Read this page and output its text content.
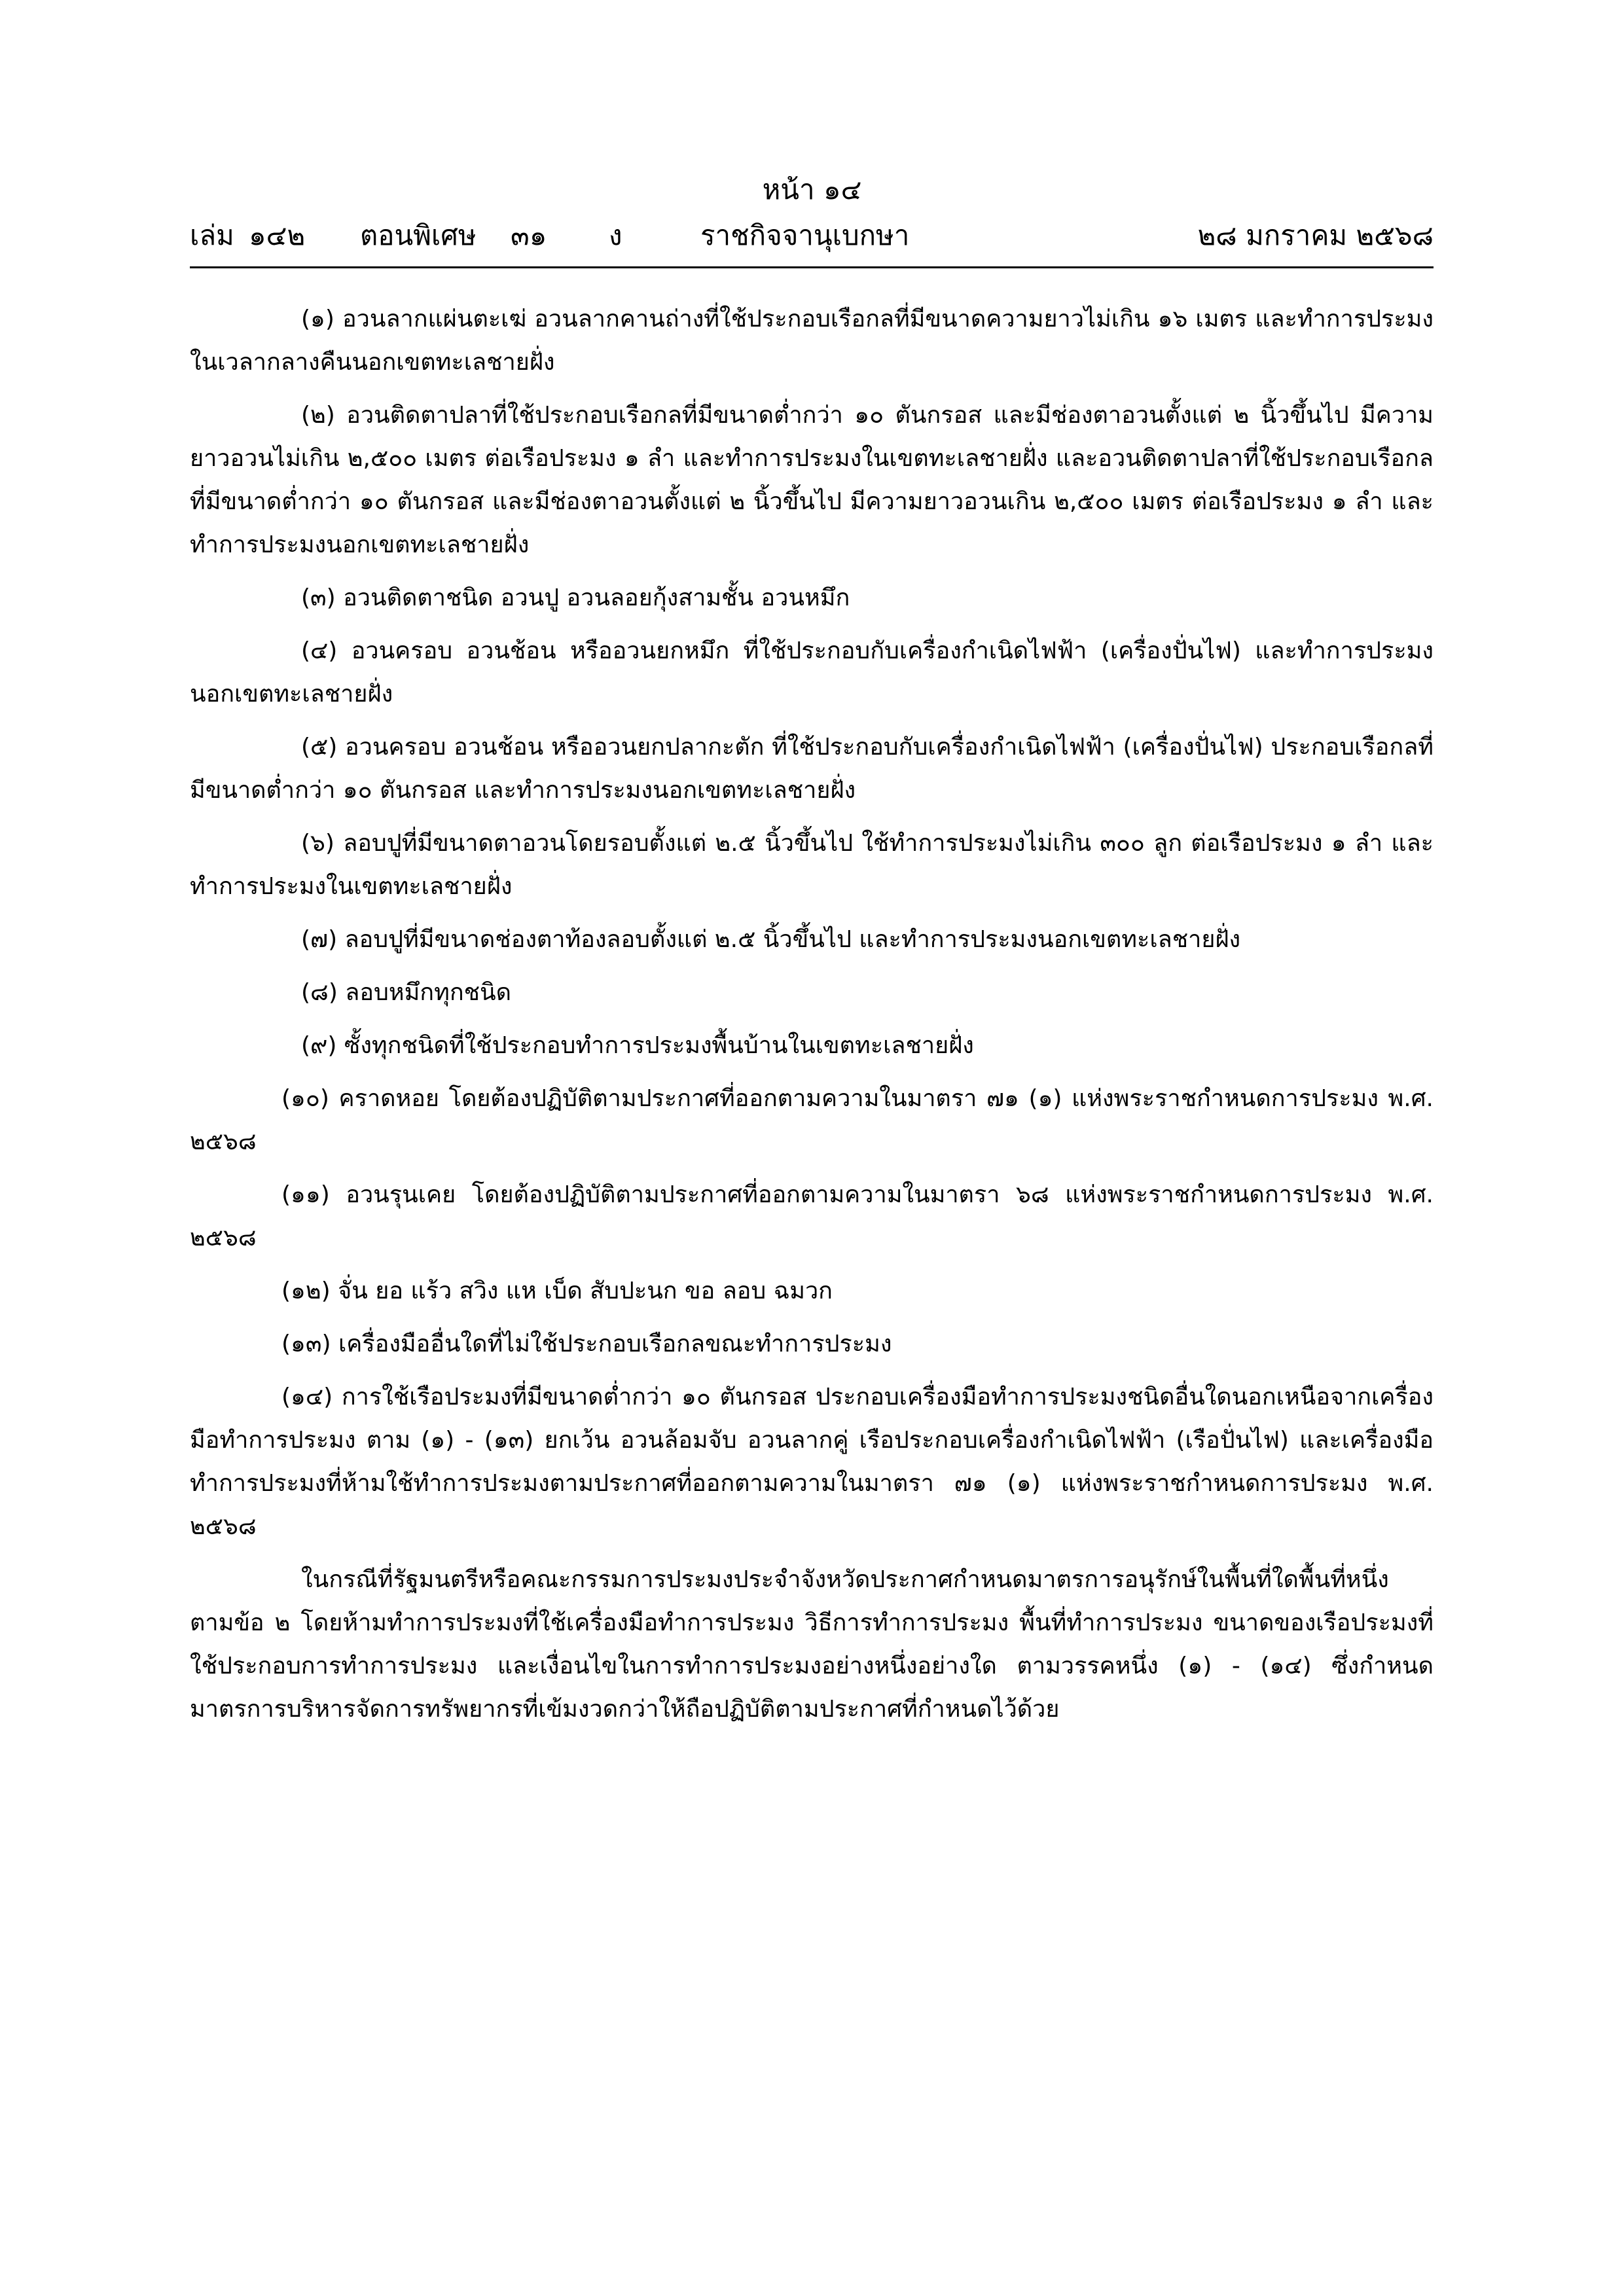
หน้า ๑๔
เล่ม ๑๔๒ ตอนพิเศษ ๓๑ ง	ราชกิจจานุเบกษา	๒๘ มกราคม ๒๕๖๘

(๑) อวนลากแผ่นตะเฆ่ อวนลากคานถ่างที่ใช้ประกอบเรือกลที่มีขนาดความยาวไม่เกิน ๑๖ เมตร และทำการประมงในเวลากลางคืนนอกเขตทะเลชายฝั่ง

(๒) อวนติดตาปลาที่ใช้ประกอบเรือกลที่มีขนาดต่ำกว่า ๑๐ ตันกรอส และมีช่องตาอวนตั้งแต่ ๒ นิ้วขึ้นไป มีความยาวอวนไม่เกิน ๒,๕๐๐ เมตร ต่อเรือประมง ๑ ลำ และทำการประมงในเขตทะเลชายฝั่ง และอวนติดตาปลาที่ใช้ประกอบเรือกลที่มีขนาดต่ำกว่า ๑๐ ตันกรอส และมีช่องตาอวนตั้งแต่ ๒ นิ้วขึ้นไป มีความยาวอวนเกิน ๒,๕๐๐ เมตร ต่อเรือประมง ๑ ลำ และทำการประมงนอกเขตทะเลชายฝั่ง

(๓) อวนติดตาชนิด อวนปู อวนลอยกุ้งสามชั้น อวนหมึก

(๔) อวนครอบ อวนช้อน หรืออวนยกหมึก ที่ใช้ประกอบกับเครื่องกำเนิดไฟฟ้า (เครื่องปั่นไฟ) และทำการประมงนอกเขตทะเลชายฝั่ง

(๕) อวนครอบ อวนช้อน หรืออวนยกปลากะตัก ที่ใช้ประกอบกับเครื่องกำเนิดไฟฟ้า (เครื่องปั่นไฟ) ประกอบเรือกลที่มีขนาดต่ำกว่า ๑๐ ตันกรอส และทำการประมงนอกเขตทะเลชายฝั่ง

(๖) ลอบปูที่มีขนาดตาอวนโดยรอบตั้งแต่ ๒.๕ นิ้วขึ้นไป ใช้ทำการประมงไม่เกิน ๓๐๐ ลูก ต่อเรือประมง ๑ ลำ และทำการประมงในเขตทะเลชายฝั่ง

(๗) ลอบปูที่มีขนาดช่องตาท้องลอบตั้งแต่ ๒.๕ นิ้วขึ้นไป และทำการประมงนอกเขตทะเลชายฝั่ง

(๘) ลอบหมึกทุกชนิด

(๙) ซั้งทุกชนิดที่ใช้ประกอบทำการประมงพื้นบ้านในเขตทะเลชายฝั่ง

(๑๐) คราดหอย โดยต้องปฏิบัติตามประกาศที่ออกตามความในมาตรา ๗๑ (๑) แห่งพระราชกำหนดการประมง พ.ศ. ๒๕๖๘

(๑๑) อวนรุนเคย โดยต้องปฏิบัติตามประกาศที่ออกตามความในมาตรา ๖๘ แห่งพระราชกำหนดการประมง พ.ศ. ๒๕๖๘

(๑๒) จั่น ยอ แร้ว สวิง แห เบ็ด สับปะนก ขอ ลอบ ฉมวก

(๑๓) เครื่องมืออื่นใดที่ไม่ใช้ประกอบเรือกลขณะทำการประมง

(๑๔) การใช้เรือประมงที่มีขนาดต่ำกว่า ๑๐ ตันกรอส ประกอบเครื่องมือทำการประมงชนิดอื่นใดนอกเหนือจากเครื่องมือทำการประมง ตาม (๑) - (๑๓) ยกเว้น อวนล้อมจับ อวนลากคู่ เรือประกอบเครื่องกำเนิดไฟฟ้า (เรือปั่นไฟ) และเครื่องมือทำการประมงที่ห้ามใช้ทำการประมงตามประกาศที่ออกตามความในมาตรา ๗๑ (๑) แห่งพระราชกำหนดการประมง พ.ศ. ๒๕๖๘

ในกรณีที่รัฐมนตรีหรือคณะกรรมการประมงประจำจังหวัดประกาศกำหนดมาตรการอนุรักษ์ในพื้นที่ใดพื้นที่หนึ่ง ตามข้อ ๒ โดยห้ามทำการประมงที่ใช้เครื่องมือทำการประมง วิธีการทำการประมง พื้นที่ทำการประมง ขนาดของเรือประมงที่ใช้ประกอบการทำการประมง และเงื่อนไขในการทำการประมงอย่างหนึ่งอย่างใด ตามวรรคหนึ่ง (๑) - (๑๔) ซึ่งกำหนดมาตรการบริหารจัดการทรัพยากรที่เข้มงวดกว่าให้ถือปฏิบัติตามประกาศที่กำหนดไว้ด้วย
